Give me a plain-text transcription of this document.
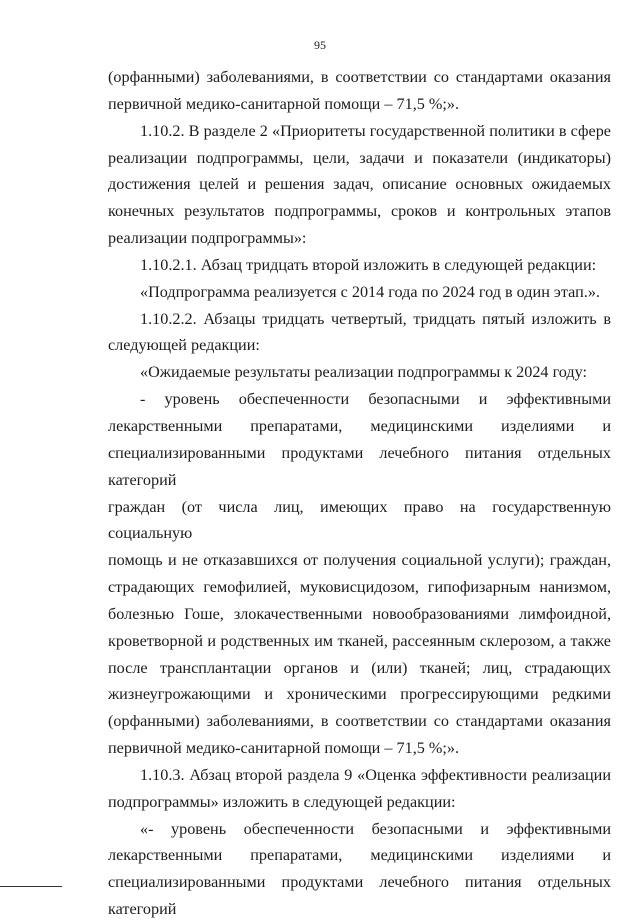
95

(орфанными) заболеваниями, в соответствии со стандартами оказания

первичной медико-санитарной помощи – 71,5 %;».

1.10.2. В разделе 2 «Приоритеты государственной политики в сфере

реализации подпрограммы, цели, задачи и показатели (индикаторы)

достижения целей и решения задач, описание основных ожидаемых

конечных результатов подпрограммы, сроков и контрольных этапов

реализации подпрограммы»:

1.10.2.1. Абзац тридцать второй изложить в следующей редакции:

«Подпрограмма реализуется с 2014 года по 2024 год в один этап.».

1.10.2.2. Абзацы тридцать четвертый, тридцать пятый изложить в

следующей редакции:

«Ожидаемые результаты реализации подпрограммы к 2024 году:

- уровень обеспеченности безопасными и эффективными

лекарственными препаратами, медицинскими изделиями и

специализированными продуктами лечебного питания отдельных категорий

граждан (от числа лиц, имеющих право на государственную социальную

помощь и не отказавшихся от получения социальной услуги); граждан,

страдающих гемофилией, муковисцидозом, гипофизарным нанизмом,

болезнью Гоше, злокачественными новообразованиями лимфоидной,

кроветворной и родственных им тканей, рассеянным склерозом, а также

после трансплантации органов и (или) тканей; лиц, страдающих

жизнеугрожающими и хроническими прогрессирующими редкими

(орфанными) заболеваниями, в соответствии со стандартами оказания

первичной медико-санитарной помощи – 71,5 %;».

1.10.3. Абзац второй раздела 9 «Оценка эффективности реализации

подпрограммы» изложить в следующей редакции:

«- уровень обеспеченности безопасными и эффективными

лекарственными препаратами, медицинскими изделиями и

специализированными продуктами лечебного питания отдельных категорий
